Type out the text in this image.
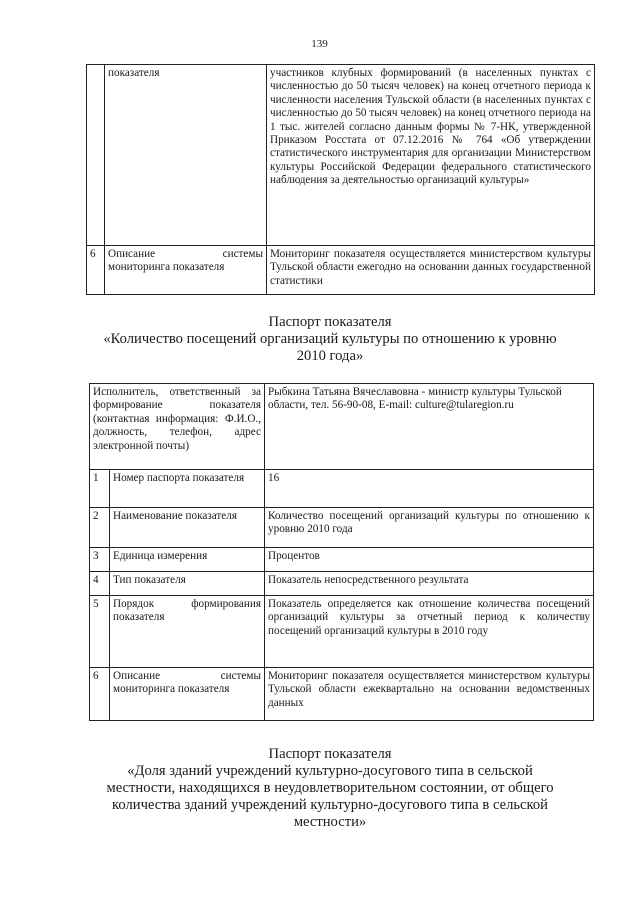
139
	показателя	участников клубных формирований (в населенных пунктах с численностью до 50 тысяч человек) на конец отчетного периода к численности населения Тульской области (в населенных пунктах с численностью до 50 тысяч человек) на конец отчетного периода на 1 тыс. жителей согласно данным формы № 7-НК, утвержденной Приказом Росстата от 07.12.2016 № 764 «Об утверждении статистического инструментария для организации Министерством культуры Российской Федерации федерального статистического наблюдения за деятельностью организаций культуры»
6	Описание системы мониторинга показателя	Мониторинг показателя осуществляется министерством культуры Тульской области ежегодно на основании данных государственной статистики
Паспорт показателя
«Количество посещений организаций культуры по отношению к уровню
2010 года»
Исполнитель, ответственный за формирование показателя (контактная информация: Ф.И.О., должность, телефон, адрес электронной почты)		Рыбкина Татьяна Вячеславовна - министр культуры Тульской области, тел. 56-90-08, E-mail: culture@tularegion.ru
1	Номер паспорта показателя	16
2	Наименование показателя	Количество посещений организаций культуры по отношению к уровню 2010 года
3	Единица измерения	Процентов
4	Тип показателя	Показатель непосредственного результата
5	Порядок формирования показателя	Показатель определяется как отношение количества посещений организаций культуры за отчетный период к количеству посещений организаций культуры в 2010 году
6	Описание системы мониторинга показателя	Мониторинг показателя осуществляется министерством культуры Тульской области ежеквартально на основании ведомственных данных
Паспорт показателя
«Доля зданий учреждений культурно-досугового типа в сельской
местности, находящихся в неудовлетворительном состоянии, от общего
количества зданий учреждений культурно-досугового типа в сельской
местности»
